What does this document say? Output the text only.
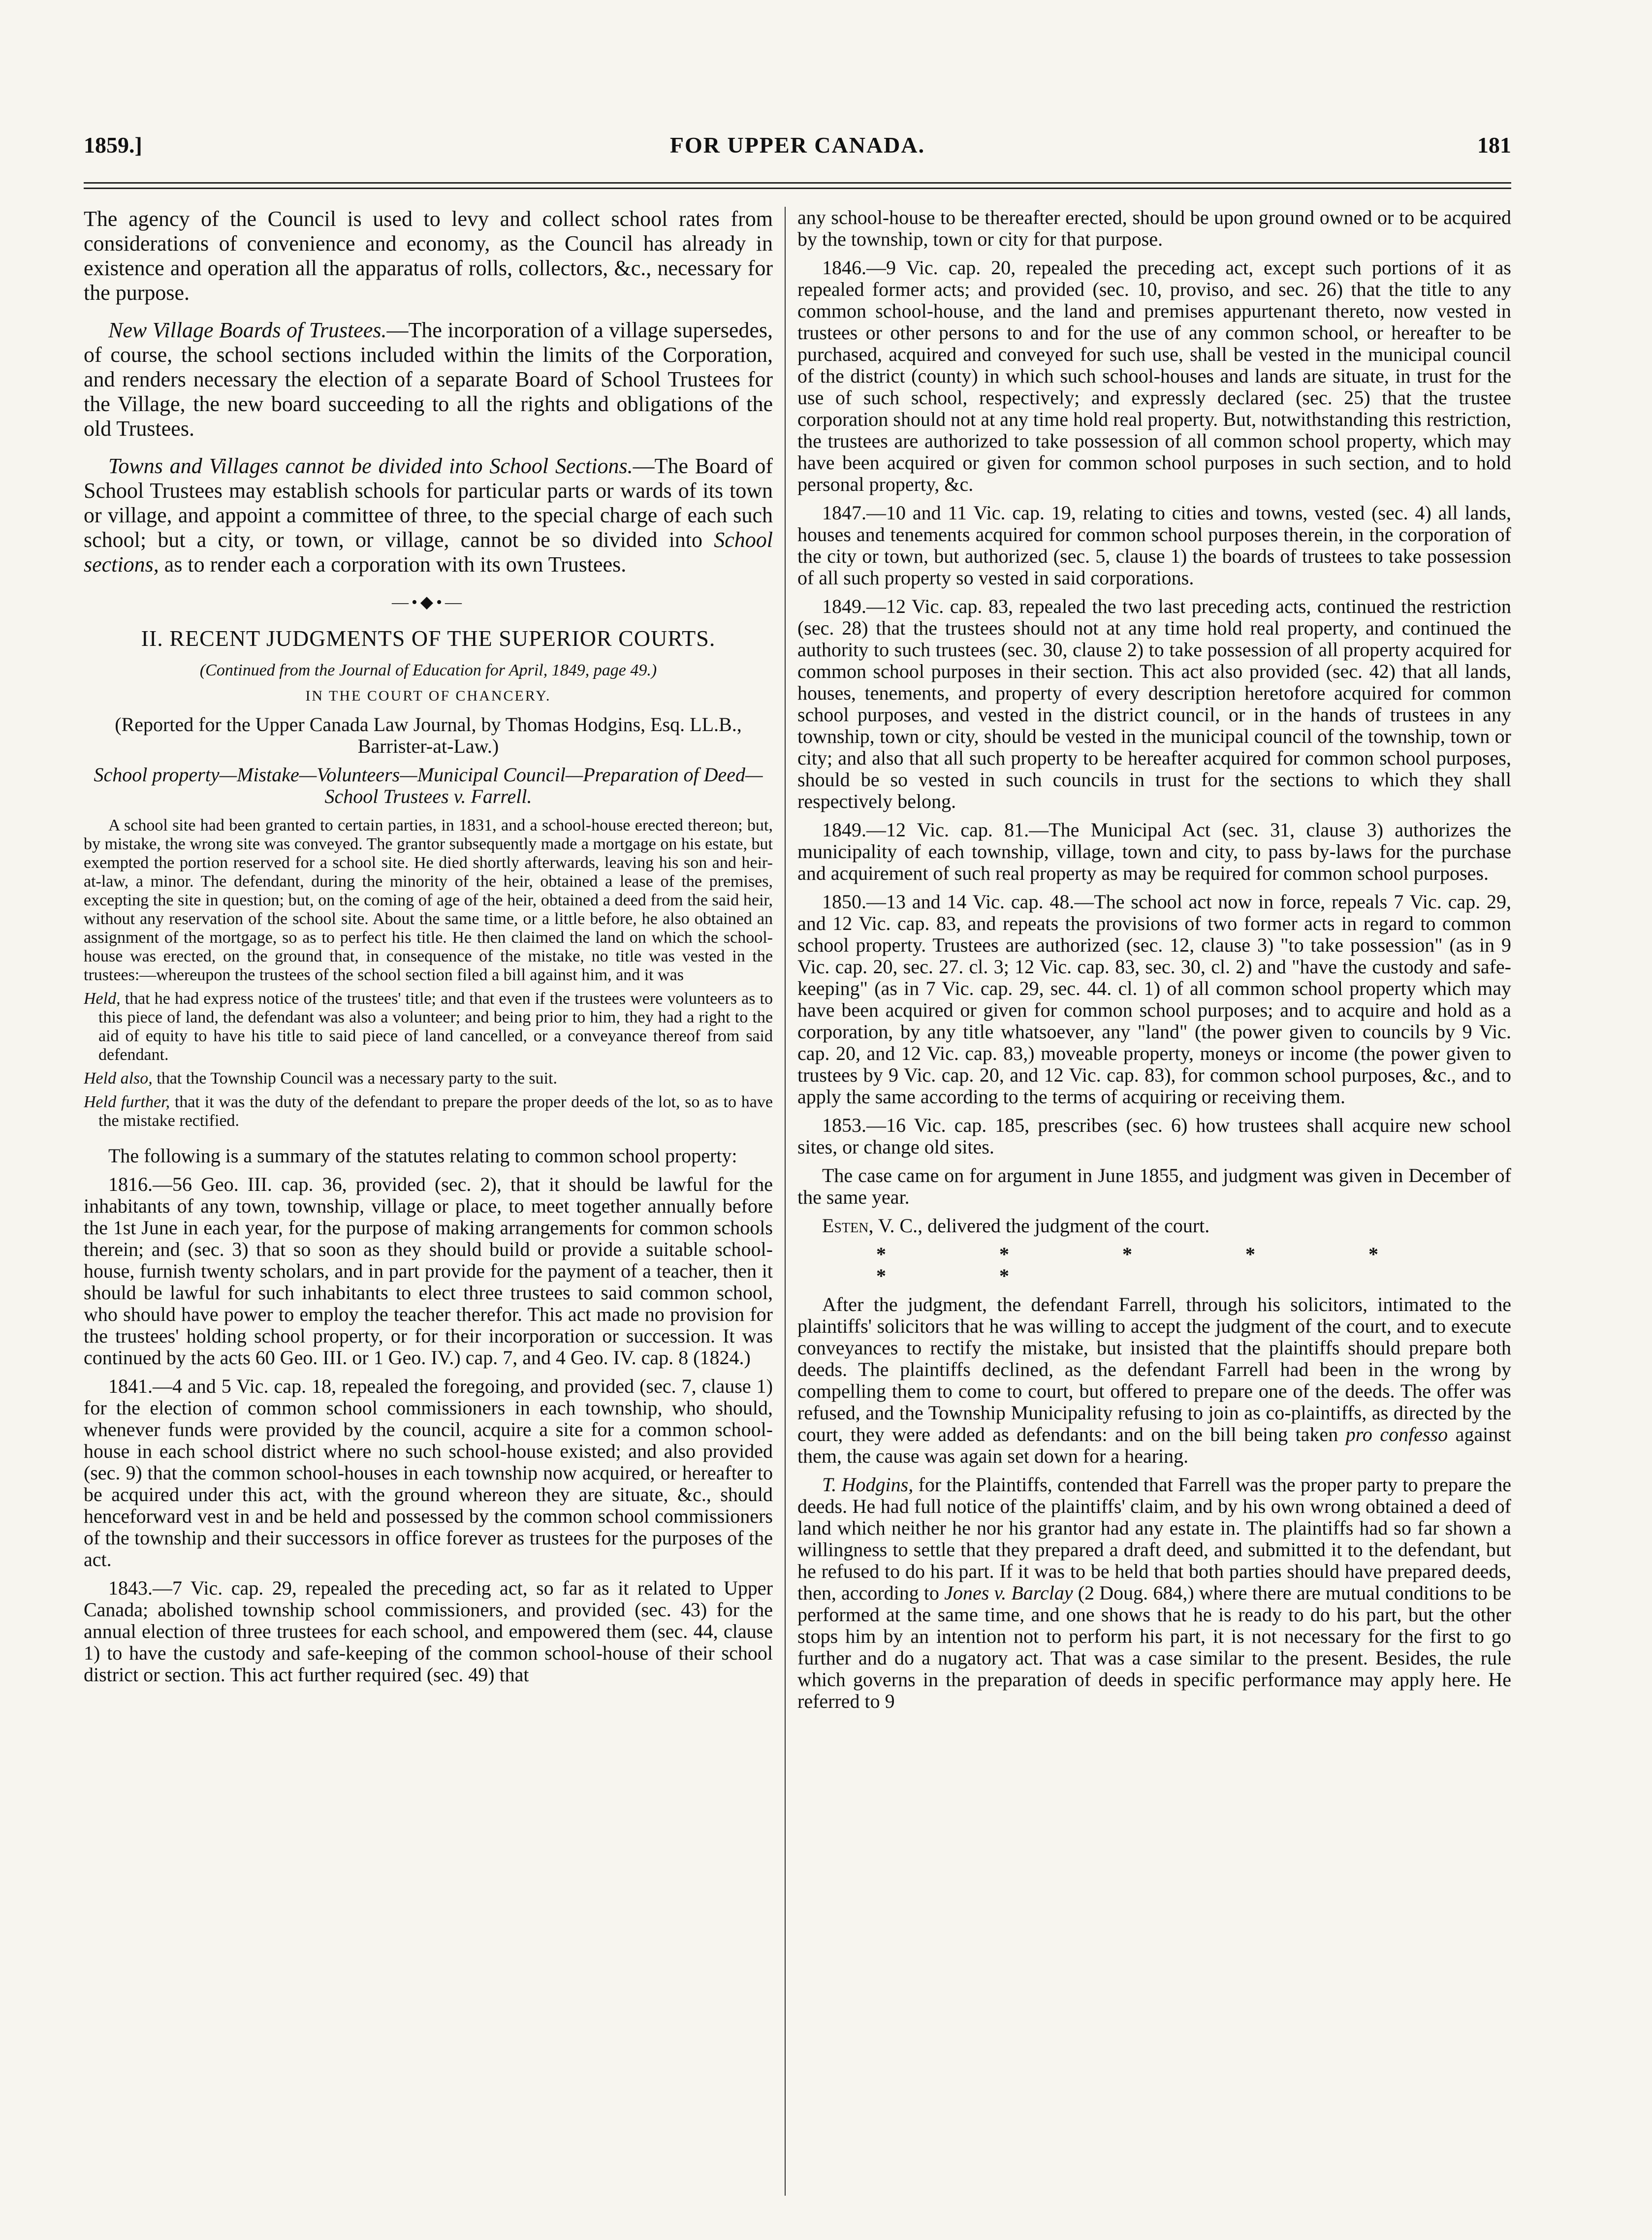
1859.]	FOR UPPER CANADA.	181

The agency of the Council is used to levy and collect school rates from considerations of convenience and economy, as the Council has already in existence and operation all the apparatus of rolls, collectors, &c., necessary for the purpose.

New Village Boards of Trustees.—The incorporation of a village supersedes, of course, the school sections included within the limits of the Corporation, and renders necessary the election of a separate Board of School Trustees for the Village, the new board succeeding to all the rights and obligations of the old Trustees.

Towns and Villages cannot be divided into School Sections.—The Board of School Trustees may establish schools for particular parts or wards of its town or village, and appoint a committee of three, to the special charge of each such school; but a city, or town, or village, cannot be so divided into School sections, as to render each a corporation with its own Trustees.

—•◆•—
II. RECENT JUDGMENTS OF THE SUPERIOR COURTS.
(Continued from the Journal of Education for April, 1849, page 49.)
IN THE COURT OF CHANCERY.
(Reported for the Upper Canada Law Journal, by Thomas Hodgins, Esq. LL.B., Barrister-at-Law.)
School property—Mistake—Volunteers—Municipal Council—Preparation of Deed—School Trustees v. Farrell.

A school site had been granted to certain parties, in 1831, and a school-house erected thereon; but, by mistake, the wrong site was conveyed. The grantor subsequently made a mortgage on his estate, but exempted the portion reserved for a school site. He died shortly afterwards, leaving his son and heir-at-law, a minor. The defendant, during the minority of the heir, obtained a lease of the premises, excepting the site in question; but, on the coming of age of the heir, obtained a deed from the said heir, without any reservation of the school site. About the same time, or a little before, he also obtained an assignment of the mortgage, so as to perfect his title. He then claimed the land on which the school-house was erected, on the ground that, in consequence of the mistake, no title was vested in the trustees:—whereupon the trustees of the school section filed a bill against him, and it was

Held, that he had express notice of the trustees' title; and that even if the trustees were volunteers as to this piece of land, the defendant was also a volunteer; and being prior to him, they had a right to the aid of equity to have his title to said piece of land cancelled, or a conveyance thereof from said defendant.

Held also, that the Township Council was a necessary party to the suit.

Held further, that it was the duty of the defendant to prepare the proper deeds of the lot, so as to have the mistake rectified.

The following is a summary of the statutes relating to common school property:

1816.—56 Geo. III. cap. 36, provided (sec. 2), that it should be lawful for the inhabitants of any town, township, village or place, to meet together annually before the 1st June in each year, for the purpose of making arrangements for common schools therein; and (sec. 3) that so soon as they should build or provide a suitable school-house, furnish twenty scholars, and in part provide for the payment of a teacher, then it should be lawful for such inhabitants to elect three trustees to said common school, who should have power to employ the teacher therefor. This act made no provision for the trustees' holding school property, or for their incorporation or succession. It was continued by the acts 60 Geo. III. or 1 Geo. IV.) cap. 7, and 4 Geo. IV. cap. 8 (1824.)

1841.—4 and 5 Vic. cap. 18, repealed the foregoing, and provided (sec. 7, clause 1) for the election of common school commissioners in each township, who should, whenever funds were provided by the council, acquire a site for a common school-house in each school district where no such school-house existed; and also provided (sec. 9) that the common school-houses in each township now acquired, or hereafter to be acquired under this act, with the ground whereon they are situate, &c., should henceforward vest in and be held and possessed by the common school commissioners of the township and their successors in office forever as trustees for the purposes of the act.

1843.—7 Vic. cap. 29, repealed the preceding act, so far as it related to Upper Canada; abolished township school commissioners, and provided (sec. 43) for the annual election of three trustees for each school, and empowered them (sec. 44, clause 1) to have the custody and safe-keeping of the common school-house of their school district or section. This act further required (sec. 49) that

any school-house to be thereafter erected, should be upon ground owned or to be acquired by the township, town or city for that purpose.

1846.—9 Vic. cap. 20, repealed the preceding act, except such portions of it as repealed former acts; and provided (sec. 10, proviso, and sec. 26) that the title to any common school-house, and the land and premises appurtenant thereto, now vested in trustees or other persons to and for the use of any common school, or hereafter to be purchased, acquired and conveyed for such use, shall be vested in the municipal council of the district (county) in which such school-houses and lands are situate, in trust for the use of such school, respectively; and expressly declared (sec. 25) that the trustee corporation should not at any time hold real property. But, notwithstanding this restriction, the trustees are authorized to take possession of all common school property, which may have been acquired or given for common school purposes in such section, and to hold personal property, &c.

1847.—10 and 11 Vic. cap. 19, relating to cities and towns, vested (sec. 4) all lands, houses and tenements acquired for common school purposes therein, in the corporation of the city or town, but authorized (sec. 5, clause 1) the boards of trustees to take possession of all such property so vested in said corporations.

1849.—12 Vic. cap. 83, repealed the two last preceding acts, continued the restriction (sec. 28) that the trustees should not at any time hold real property, and continued the authority to such trustees (sec. 30, clause 2) to take possession of all property acquired for common school purposes in their section. This act also provided (sec. 42) that all lands, houses, tenements, and property of every description heretofore acquired for common school purposes, and vested in the district council, or in the hands of trustees in any township, town or city, should be vested in the municipal council of the township, town or city; and also that all such property to be hereafter acquired for common school purposes, should be so vested in such councils in trust for the sections to which they shall respectively belong.

1849.—12 Vic. cap. 81.—The Municipal Act (sec. 31, clause 3) authorizes the municipality of each township, village, town and city, to pass by-laws for the purchase and acquirement of such real property as may be required for common school purposes.

1850.—13 and 14 Vic. cap. 48.—The school act now in force, repeals 7 Vic. cap. 29, and 12 Vic. cap. 83, and repeats the provisions of two former acts in regard to common school property. Trustees are authorized (sec. 12, clause 3) "to take possession" (as in 9 Vic. cap. 20, sec. 27. cl. 3; 12 Vic. cap. 83, sec. 30, cl. 2) and "have the custody and safe-keeping" (as in 7 Vic. cap. 29, sec. 44. cl. 1) of all common school property which may have been acquired or given for common school purposes; and to acquire and hold as a corporation, by any title whatsoever, any "land" (the power given to councils by 9 Vic. cap. 20, and 12 Vic. cap. 83,) moveable property, moneys or income (the power given to trustees by 9 Vic. cap. 20, and 12 Vic. cap. 83), for common school purposes, &c., and to apply the same according to the terms of acquiring or receiving them.

1853.—16 Vic. cap. 185, prescribes (sec. 6) how trustees shall acquire new school sites, or change old sites.

The case came on for argument in June 1855, and judgment was given in December of the same year.

Esten, V. C., delivered the judgment of the court.

* * * * * * *

After the judgment, the defendant Farrell, through his solicitors, intimated to the plaintiffs' solicitors that he was willing to accept the judgment of the court, and to execute conveyances to rectify the mistake, but insisted that the plaintiffs should prepare both deeds. The plaintiffs declined, as the defendant Farrell had been in the wrong by compelling them to come to court, but offered to prepare one of the deeds. The offer was refused, and the Township Municipality refusing to join as co-plaintiffs, as directed by the court, they were added as defendants: and on the bill being taken pro confesso against them, the cause was again set down for a hearing.

T. Hodgins, for the Plaintiffs, contended that Farrell was the proper party to prepare the deeds. He had full notice of the plaintiffs' claim, and by his own wrong obtained a deed of land which neither he nor his grantor had any estate in. The plaintiffs had so far shown a willingness to settle that they prepared a draft deed, and submitted it to the defendant, but he refused to do his part. If it was to be held that both parties should have prepared deeds, then, according to Jones v. Barclay (2 Doug. 684,) where there are mutual conditions to be performed at the same time, and one shows that he is ready to do his part, but the other stops him by an intention not to perform his part, it is not necessary for the first to go further and do a nugatory act. That was a case similar to the present. Besides, the rule which governs in the preparation of deeds in specific performance may apply here. He referred to 9
